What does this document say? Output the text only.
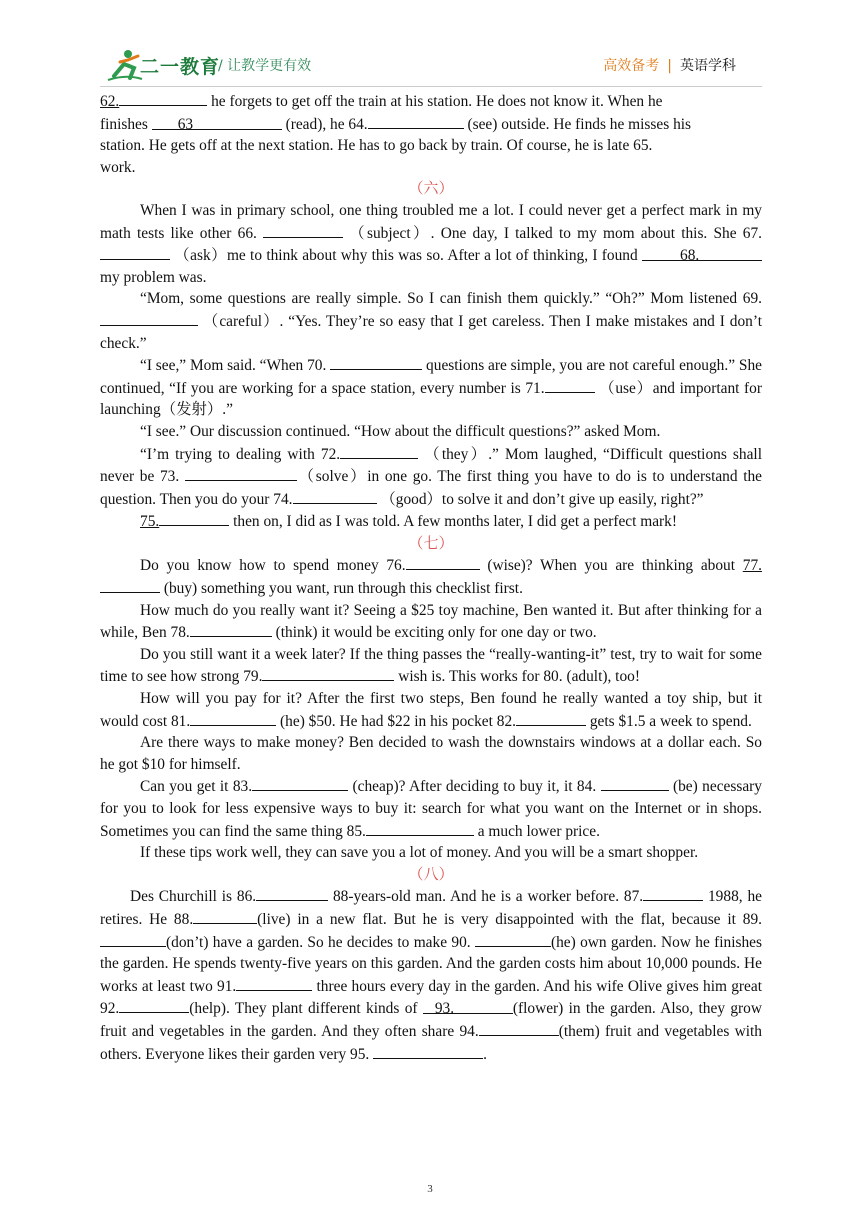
二一教育
/ 让教学更有效	高效备考 | 英语学科

62.	he forgets to get off the train at his station. He does not know it. When he

finishes 63	(read), he 64.	(see) outside. He finds he misses his

station. He gets off at the next station. He has to go back by train. Of course, he is late 65.

work.

（六）

When I was in primary school, one thing troubled me a lot. I could never get a perfect mark in my math tests like other 66.	（subject）. One day, I talked to my mom about this. She 67. （ask）me to think about why this was so. After a lot of thinking, I found 68. my problem was.

“Mom, some questions are really simple. So I can finish them quickly.” “Oh?” Mom listened 69. （careful）. “Yes. They’re so easy that I get careless. Then I make mistakes and I don’t check.”

“I see,” Mom said. “When 70.	questions are simple, you are not careful enough.” She continued, “If you are working for a space station, every number is 71.	（use）and important for launching（发射）.”

“I see.” Our discussion continued. “How about the difficult questions?” asked Mom.

“I’m trying to dealing with 72.	（they）.” Mom laughed, “Difficult questions shall never be 73.	（solve）in one go. The first thing you have to do is to understand the question. Then you do your 74.	（good）to solve it and don’t give up easily, right?”

75.	then on, I did as I was told. A few months later, I did get a perfect mark!

（七）

Do you know how to spend money 76.	(wise)? When you are thinking about 77. (buy) something you want, run through this checklist first.

How much do you really want it? Seeing a $25 toy machine, Ben wanted it. But after thinking for a while, Ben 78.	(think) it would be exciting only for one day or two.

Do you still want it a week later? If the thing passes the “really-wanting-it” test, try to wait for some time to see how strong 79.	wish is. This works for 80. (adult), too!

How will you pay for it? After the first two steps, Ben found he really wanted a toy ship, but it would cost 81.	(he) $50. He had $22 in his pocket 82.	gets $1.5 a week to spend.

Are there ways to make money? Ben decided to wash the downstairs windows at a dollar each. So he got $10 for himself.

Can you get it 83.	(cheap)? After deciding to buy it, it 84.	(be) necessary for you to look for less expensive ways to buy it: search for what you want on the Internet or in shops. Sometimes you can find the same thing 85.	a much lower price.

If these tips work well, they can save you a lot of money. And you will be a smart shopper.

（八）

Des Churchill is 86.	88-years-old man. And he is a worker before. 87.	1988, he retires. He 88.	(live) in a new flat. But he is very disappointed with the flat, because it 89.(don’t) have a garden. So he decides to make 90.	(he) own garden. Now he finishes the garden. He spends twenty-five years on this garden. And the garden costs him about 10,000 pounds. He works at least two 91.	three hours every day in the garden. And his wife Olive gives him great 92.	(help). They plant different kinds of 93.	(flower) in the garden. Also, they grow fruit and vegetables in the garden. And they often share 94.	(them) fruit and vegetables with others. Everyone likes their garden very 95.	.

3
